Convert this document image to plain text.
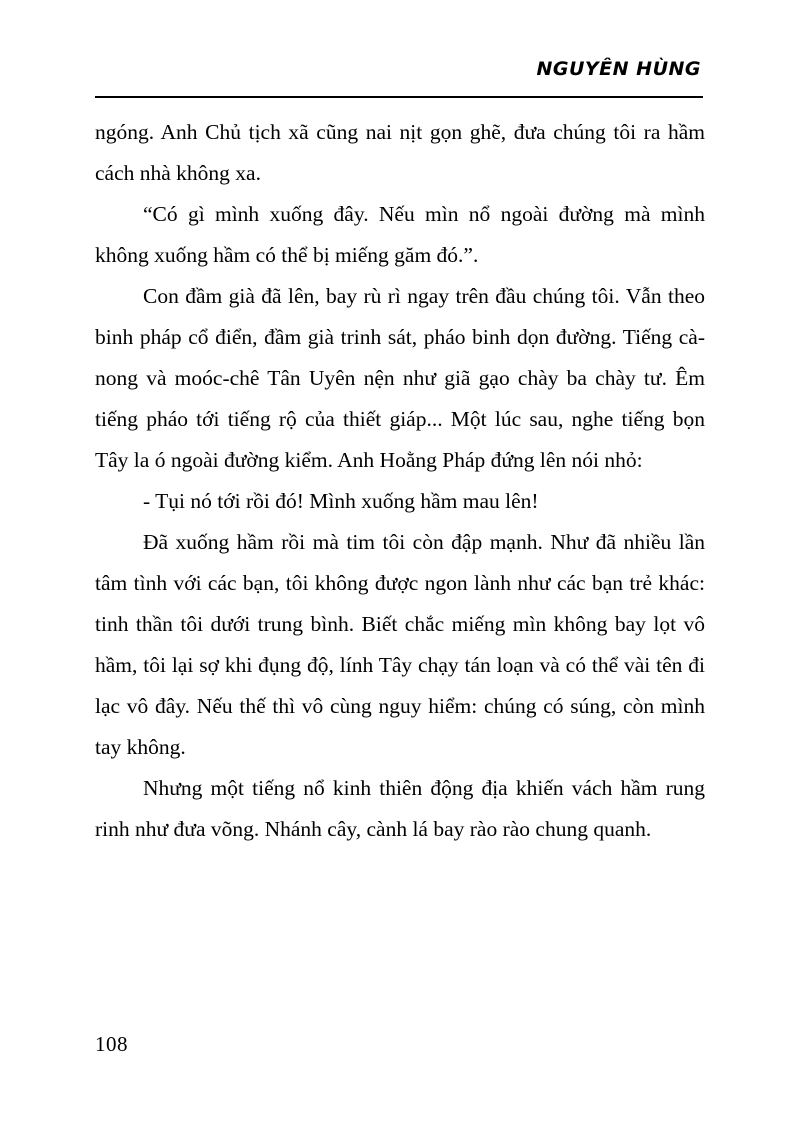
NGUYÊN HÙNG

ngóng. Anh Chủ tịch xã cũng nai nịt gọn ghẽ, đưa chúng tôi ra hầm cách nhà không xa.

“Có gì mình xuống đây. Nếu mìn nổ ngoài đường mà mình không xuống hầm có thể bị miếng găm đó.”.

Con đầm già đã lên, bay rù rì ngay trên đầu chúng tôi. Vẫn theo binh pháp cổ điển, đầm già trinh sát, pháo binh dọn đường. Tiếng cà-nong và moóc-chê Tân Uyên nện như giã gạo chày ba chày tư. Êm tiếng pháo tới tiếng rộ của thiết giáp... Một lúc sau, nghe tiếng bọn Tây la ó ngoài đường kiểm. Anh Hoằng Pháp đứng lên nói nhỏ:

- Tụi nó tới rồi đó! Mình xuống hầm mau lên!

Đã xuống hầm rồi mà tim tôi còn đập mạnh. Như đã nhiều lần tâm tình với các bạn, tôi không được ngon lành như các bạn trẻ khác: tinh thần tôi dưới trung bình. Biết chắc miếng mìn không bay lọt vô hầm, tôi lại sợ khi đụng độ, lính Tây chạy tán loạn và có thể vài tên đi lạc vô đây. Nếu thế thì vô cùng nguy hiểm: chúng có súng, còn mình tay không.

Nhưng một tiếng nổ kinh thiên động địa khiến vách hầm rung rinh như đưa võng. Nhánh cây, cành lá bay rào rào chung quanh.

108
